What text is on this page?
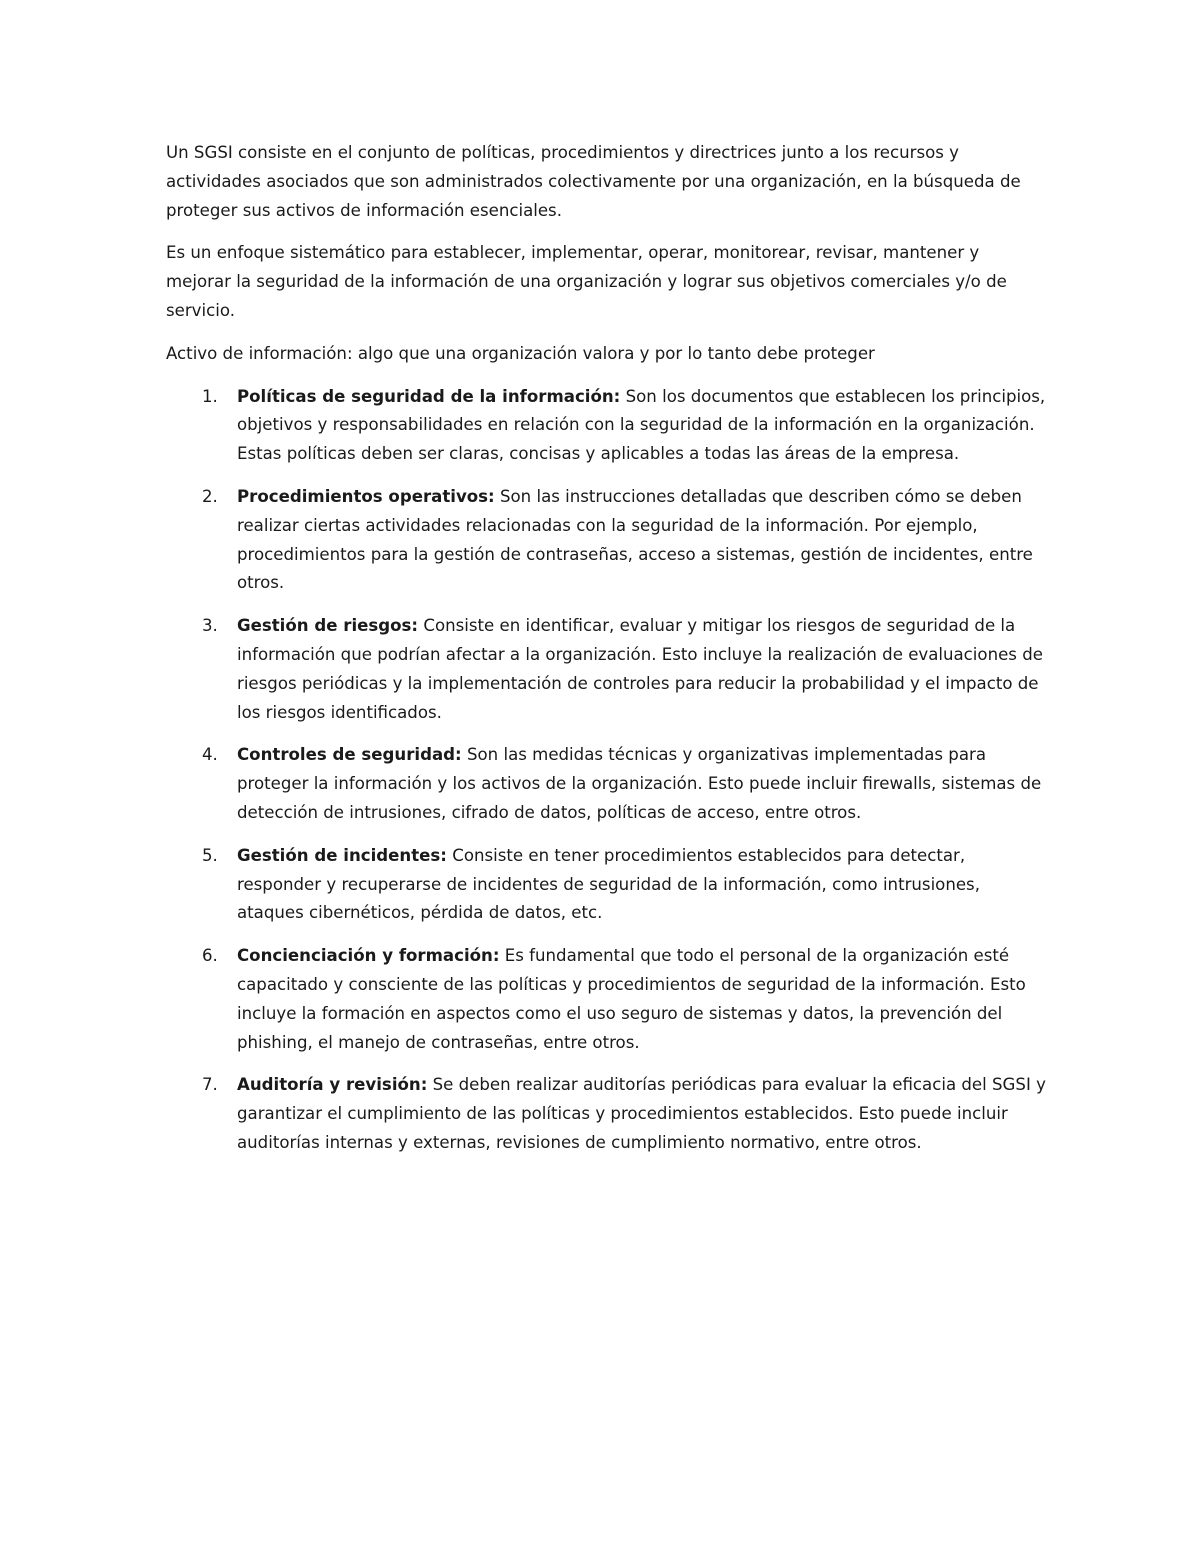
Un SGSI consiste en el conjunto de políticas, procedimientos y directrices junto a los recursos y actividades asociados que son administrados colectivamente por una organización, en la búsqueda de proteger sus activos de información esenciales.

Es un enfoque sistemático para establecer, implementar, operar, monitorear, revisar, mantener y mejorar la seguridad de la información de una organización y lograr sus objetivos comerciales y/o de servicio.

Activo de información: algo que una organización valora y por lo tanto debe proteger

1. Políticas de seguridad de la información: Son los documentos que establecen los principios, objetivos y responsabilidades en relación con la seguridad de la información en la organización. Estas políticas deben ser claras, concisas y aplicables a todas las áreas de la empresa.
2. Procedimientos operativos: Son las instrucciones detalladas que describen cómo se deben realizar ciertas actividades relacionadas con la seguridad de la información. Por ejemplo, procedimientos para la gestión de contraseñas, acceso a sistemas, gestión de incidentes, entre otros.
3. Gestión de riesgos: Consiste en identificar, evaluar y mitigar los riesgos de seguridad de la información que podrían afectar a la organización. Esto incluye la realización de evaluaciones de riesgos periódicas y la implementación de controles para reducir la probabilidad y el impacto de los riesgos identificados.
4. Controles de seguridad: Son las medidas técnicas y organizativas implementadas para proteger la información y los activos de la organización. Esto puede incluir firewalls, sistemas de detección de intrusiones, cifrado de datos, políticas de acceso, entre otros.
5. Gestión de incidentes: Consiste en tener procedimientos establecidos para detectar, responder y recuperarse de incidentes de seguridad de la información, como intrusiones, ataques cibernéticos, pérdida de datos, etc.
6. Concienciación y formación: Es fundamental que todo el personal de la organización esté capacitado y consciente de las políticas y procedimientos de seguridad de la información. Esto incluye la formación en aspectos como el uso seguro de sistemas y datos, la prevención del phishing, el manejo de contraseñas, entre otros.
7. Auditoría y revisión: Se deben realizar auditorías periódicas para evaluar la eficacia del SGSI y garantizar el cumplimiento de las políticas y procedimientos establecidos. Esto puede incluir auditorías internas y externas, revisiones de cumplimiento normativo, entre otros.
